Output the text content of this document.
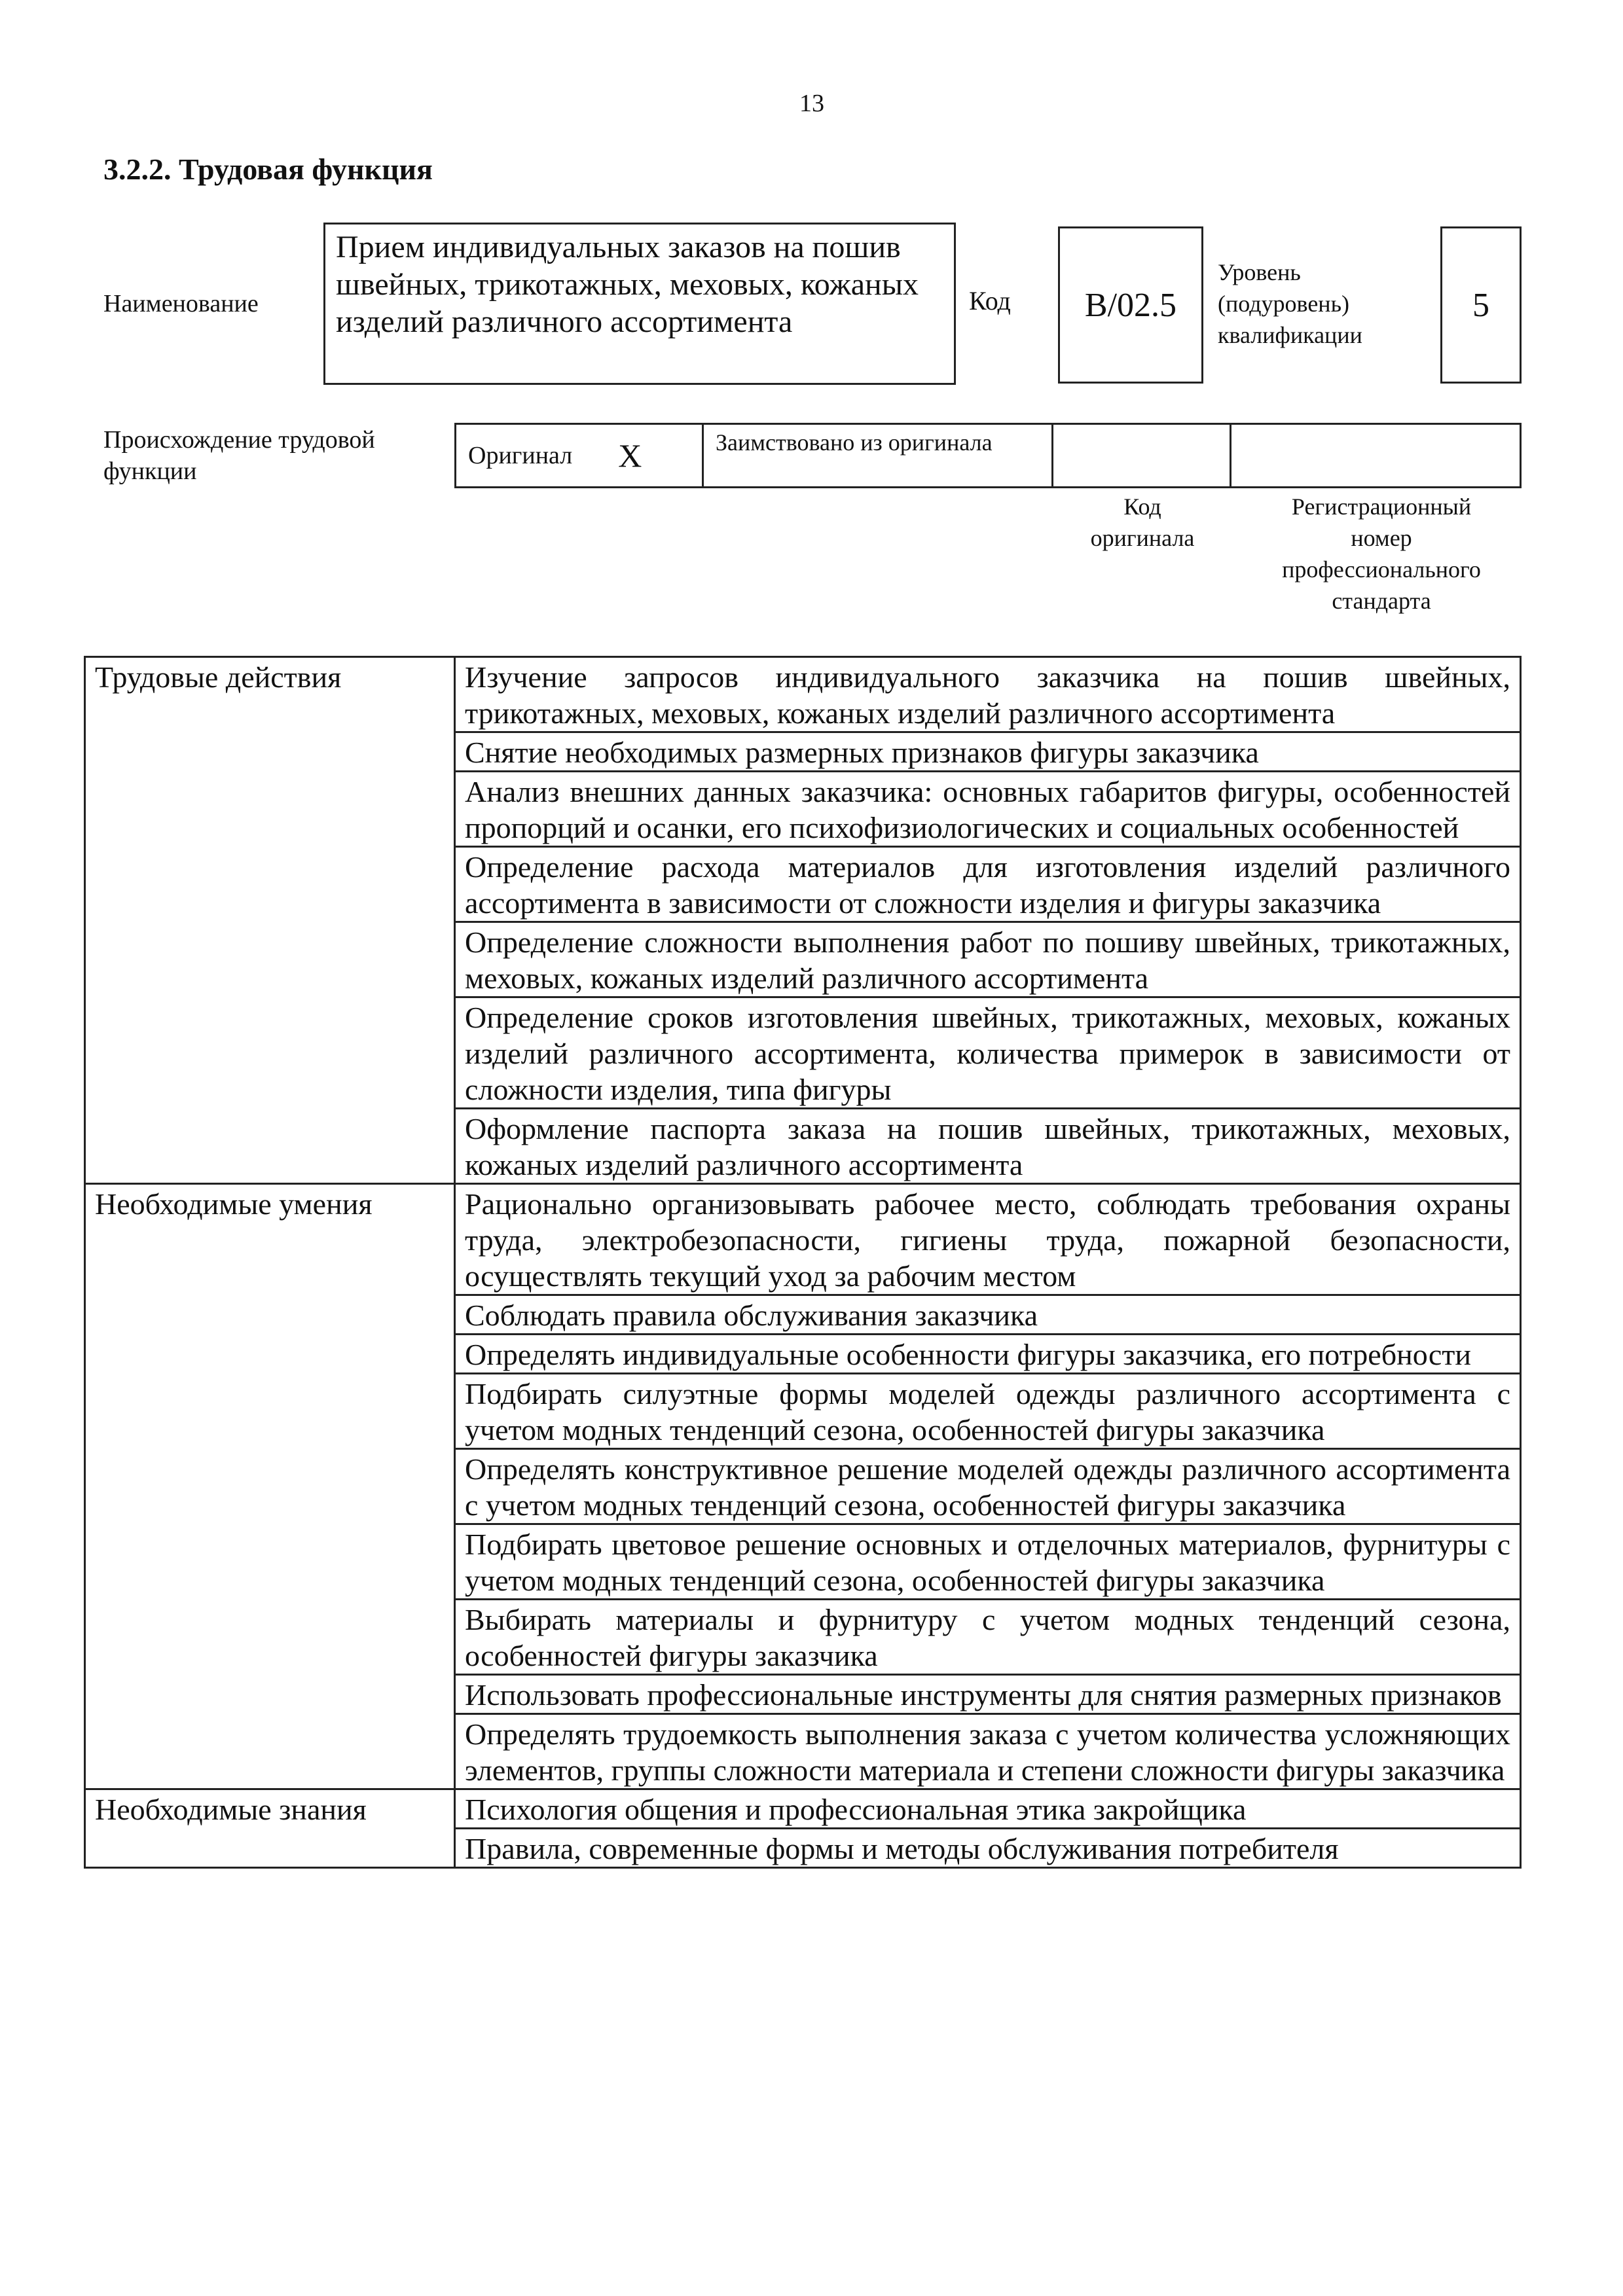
13
3.2.2. Трудовая функция
Наименование
Прием индивидуальных заказов на пошив швейных, трикотажных, меховых, кожаных изделий различного ассортимента
Код	B/02.5
Уровень
(подуровень)
квалификации
5
Происхождение трудовой
функции
Оригинал X	Заимствовано из оригинала
Код
оригинала
Регистрационный
номер
профессионального
стандарта
Трудовые действия	Изучение запросов индивидуального заказчика на пошив швейных, трикотажных, меховых, кожаных изделий различного ассортимента
	Снятие необходимых размерных признаков фигуры заказчика
	Анализ внешних данных заказчика: основных габаритов фигуры, особенностей пропорций и осанки, его психофизиологических и социальных особенностей
	Определение расхода материалов для изготовления изделий различного ассортимента в зависимости от сложности изделия и фигуры заказчика
	Определение сложности выполнения работ по пошиву швейных, трикотажных, меховых, кожаных изделий различного ассортимента
	Определение сроков изготовления швейных, трикотажных, меховых, кожаных изделий различного ассортимента, количества примерок в зависимости от сложности изделия, типа фигуры
	Оформление паспорта заказа на пошив швейных, трикотажных, меховых, кожаных изделий различного ассортимента
Необходимые умения	Рационально организовывать рабочее место, соблюдать требования охраны труда, электробезопасности, гигиены труда, пожарной безопасности, осуществлять текущий уход за рабочим местом
	Соблюдать правила обслуживания заказчика
	Определять индивидуальные особенности фигуры заказчика, его потребности
	Подбирать силуэтные формы моделей одежды различного ассортимента с учетом модных тенденций сезона, особенностей фигуры заказчика
	Определять конструктивное решение моделей одежды различного ассортимента с учетом модных тенденций сезона, особенностей фигуры заказчика
	Подбирать цветовое решение основных и отделочных материалов, фурнитуры с учетом модных тенденций сезона, особенностей фигуры заказчика
	Выбирать материалы и фурнитуру с учетом модных тенденций сезона, особенностей фигуры заказчика
	Использовать профессиональные инструменты для снятия размерных признаков
	Определять трудоемкость выполнения заказа с учетом количества усложняющих элементов, группы сложности материала и степени сложности фигуры заказчика
Необходимые знания	Психология общения и профессиональная этика закройщика
	Правила, современные формы и методы обслуживания потребителя
